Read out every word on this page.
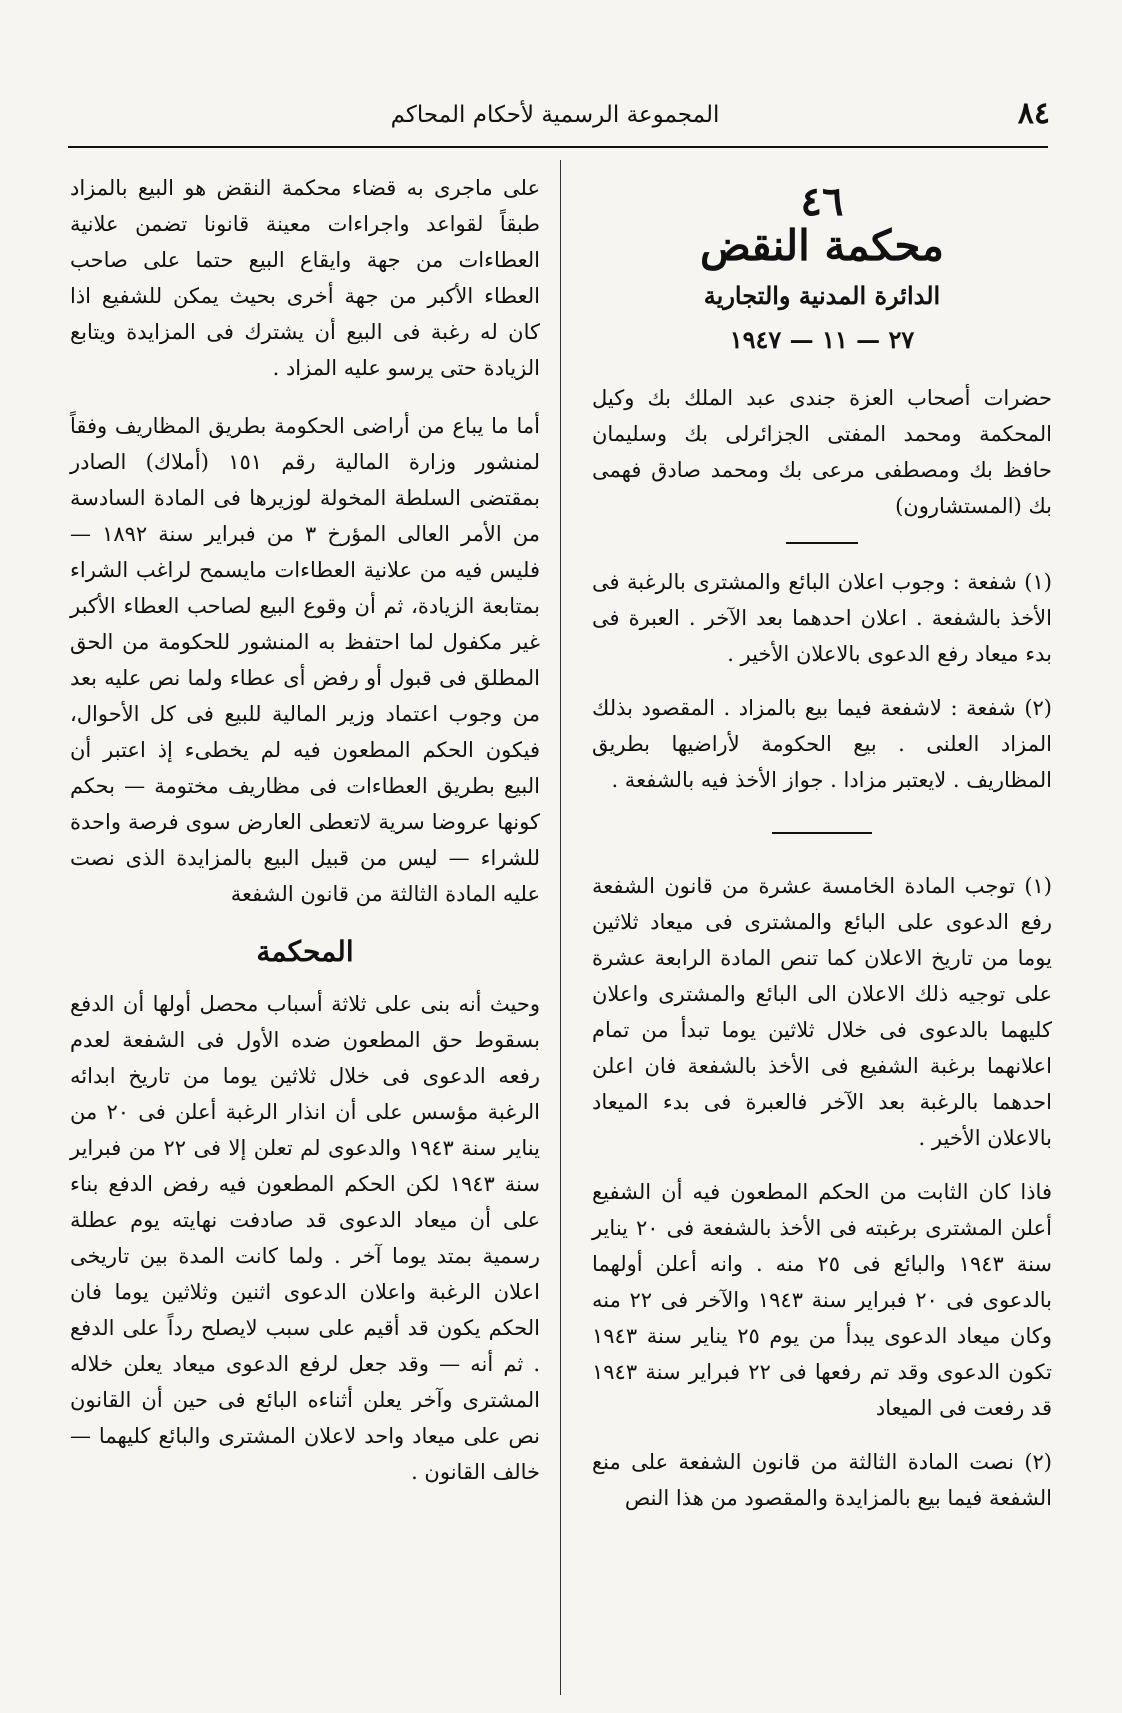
٨٤
المجموعة الرسمية لأحكام المحاكم
٤٦
محكمة النقض
الدائرة المدنية والتجارية
٢٧ — ١١ — ١٩٤٧

حضرات أصحاب العزة جندى عبد الملك بك وكيل المحكمة ومحمد المفتى الجزائرلى بك وسليمان حافظ بك ومصطفى مرعى بك ومحمد صادق فهمى بك (المستشارون)

(١) شفعة : وجوب اعلان البائع والمشترى بالرغبة فى الأخذ بالشفعة . اعلان احدهما بعد الآخر . العبرة فى بدء ميعاد رفع الدعوى بالاعلان الأخير .

(٢) شفعة : لاشفعة فيما بيع بالمزاد . المقصود بذلك المزاد العلنى . بيع الحكومة لأراضيها بطريق المظاريف . لايعتبر مزادا . جواز الأخذ فيه بالشفعة .

(١) توجب المادة الخامسة عشرة من قانون الشفعة رفع الدعوى على البائع والمشترى فى ميعاد ثلاثين يوما من تاريخ الاعلان كما تنص المادة الرابعة عشرة على توجيه ذلك الاعلان الى البائع والمشترى واعلان كليهما بالدعوى فى خلال ثلاثين يوما تبدأ من تمام اعلانهما برغبة الشفيع فى الأخذ بالشفعة فان اعلن احدهما بالرغبة بعد الآخر فالعبرة فى بدء الميعاد بالاعلان الأخير .

فاذا كان الثابت من الحكم المطعون فيه أن الشفيع أعلن المشترى برغبته فى الأخذ بالشفعة فى ٢٠ يناير سنة ١٩٤٣ والبائع فى ٢٥ منه . وانه أعلن أولهما بالدعوى فى ٢٠ فبراير سنة ١٩٤٣ والآخر فى ٢٢ منه وكان ميعاد الدعوى يبدأ من يوم ٢٥ يناير سنة ١٩٤٣ تكون الدعوى وقد تم رفعها فى ٢٢ فبراير سنة ١٩٤٣ قد رفعت فى الميعاد

(٢) نصت المادة الثالثة من قانون الشفعة على منع الشفعة فيما بيع بالمزايدة والمقصود من هذا النص

على ماجرى به قضاء محكمة النقض هو البيع بالمزاد طبقاً لقواعد واجراءات معينة قانونا تضمن علانية العطاءات من جهة وايقاع البيع حتما على صاحب العطاء الأكبر من جهة أخرى بحيث يمكن للشفيع اذا كان له رغبة فى البيع أن يشترك فى المزايدة ويتابع الزيادة حتى يرسو عليه المزاد .

أما ما يباع من أراضى الحكومة بطريق المظاريف وفقاً لمنشور وزارة المالية رقم ١٥١ (أملاك) الصادر بمقتضى السلطة المخولة لوزيرها فى المادة السادسة من الأمر العالى المؤرخ ٣ من فبراير سنة ١٨٩٢ — فليس فيه من علانية العطاءات مايسمح لراغب الشراء بمتابعة الزيادة، ثم أن وقوع البيع لصاحب العطاء الأكبر غير مكفول لما احتفظ به المنشور للحكومة من الحق المطلق فى قبول أو رفض أى عطاء ولما نص عليه بعد من وجوب اعتماد وزير المالية للبيع فى كل الأحوال، فيكون الحكم المطعون فيه لم يخطىء إذ اعتبر أن البيع بطريق العطاءات فى مظاريف مختومة — بحكم كونها عروضا سرية لاتعطى العارض سوى فرصة واحدة للشراء — ليس من قبيل البيع بالمزايدة الذى نصت عليه المادة الثالثة من قانون الشفعة

المحكمة

وحيث أنه بنى على ثلاثة أسباب محصل أولها أن الدفع بسقوط حق المطعون ضده الأول فى الشفعة لعدم رفعه الدعوى فى خلال ثلاثين يوما من تاريخ ابدائه الرغبة مؤسس على أن انذار الرغبة أعلن فى ٢٠ من يناير سنة ١٩٤٣ والدعوى لم تعلن إلا فى ٢٢ من فبراير سنة ١٩٤٣ لكن الحكم المطعون فيه رفض الدفع بناء على أن ميعاد الدعوى قد صادفت نهايته يوم عطلة رسمية بمتد يوما آخر . ولما كانت المدة بين تاريخى اعلان الرغبة واعلان الدعوى اثنين وثلاثين يوما فان الحكم يكون قد أقيم على سبب لايصلح رداً على الدفع . ثم أنه — وقد جعل لرفع الدعوى ميعاد يعلن خلاله المشترى وآخر يعلن أثناءه البائع فى حين أن القانون نص على ميعاد واحد لاعلان المشترى والبائع كليهما — خالف القانون .
